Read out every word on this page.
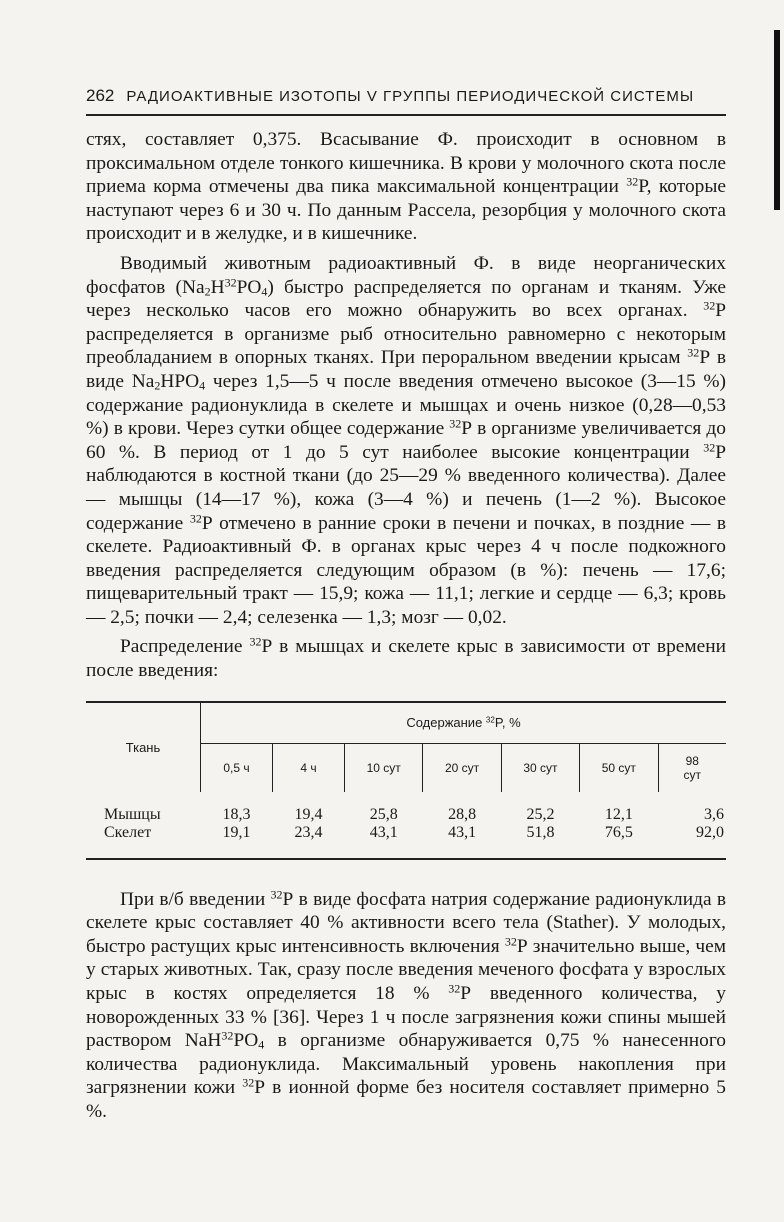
262 РАДИОАКТИВНЫЕ ИЗОТОПЫ V ГРУППЫ ПЕРИОДИЧЕСКОЙ СИСТЕМЫ

стях, составляет 0,375. Всасывание Ф. происходит в основном в проксимальном отделе тонкого кишечника. В крови у молочного скота после приема корма отмечены два пика максимальной концентрации $^{32}$Р, которые наступают через 6 и 30 ч. По данным Рассела, резорбция у молочного скота происходит и в желудке, и в кишечнике.

Вводимый животным радиоактивный Ф. в виде неорганических фосфатов $(Na_2H^{32}PO_4)$ быстро распределяется по органам и тканям. Уже через несколько часов его можно обнаружить во всех органах. $^{32}$Р распределяется в организме рыб относительно равномерно с некоторым преобладанием в опорных тканях. При пероральном введении крысам $^{32}$Р в виде $Na_2HPO_4$ через 1,5—5 ч после введения отмечено высокое (3—15 %) содержание радионуклида в скелете и мышцах и очень низкое (0,28—0,53 %) в крови. Через сутки общее содержание $^{32}$Р в организме увеличивается до 60 %. В период от 1 до 5 сут наиболее высокие концентрации $^{32}$Р наблюдаются в костной ткани (до 25—29 % введенного количества). Далее — мышцы (14—17 %), кожа (3—4 %) и печень (1—2 %). Высокое содержание $^{32}$Р отмечено в ранние сроки в печени и почках, в поздние — в скелете. Радиоактивный Ф. в органах крыс через 4 ч после подкожного введения распределяется следующим образом (в %): печень — 17,6; пищеварительный тракт — 15,9; кожа — 11,1; легкие и сердце — 6,3; кровь — 2,5; почки — 2,4; селезенка — 1,3; мозг — 0,02.

Распределение $^{32}$Р в мышцах и скелете крыс в зависимости от времени после введения:

Ткань	Содержание $^{32}$P, %						
	0,5 ч	4 ч	10 сут	20 сут	30 сут	50 сут	98
сут
Мышцы	18,3	19,4	25,8	28,8	25,2	12,1	3,6
Скелет	19,1	23,4	43,1	43,1	51,8	76,5	92,0

При в/б введении $^{32}$Р в виде фосфата натрия содержание радионуклида в скелете крыс составляет 40 % активности всего тела (Stather). У молодых, быстро растущих крыс интенсивность включения $^{32}$Р значительно выше, чем у старых животных. Так, сразу после введения меченого фосфата у взрослых крыс в костях определяется 18 % $^{32}$Р введенного количества, у новорожденных 33 % [36]. Через 1 ч после загрязнения кожи спины мышей раствором $NaH^{32}PO_4$ в организме обнаруживается 0,75 % нанесенного количества радионуклида. Максимальный уровень накопления при загрязнении кожи $^{32}$Р в ионной форме без носителя составляет примерно 5 %.
